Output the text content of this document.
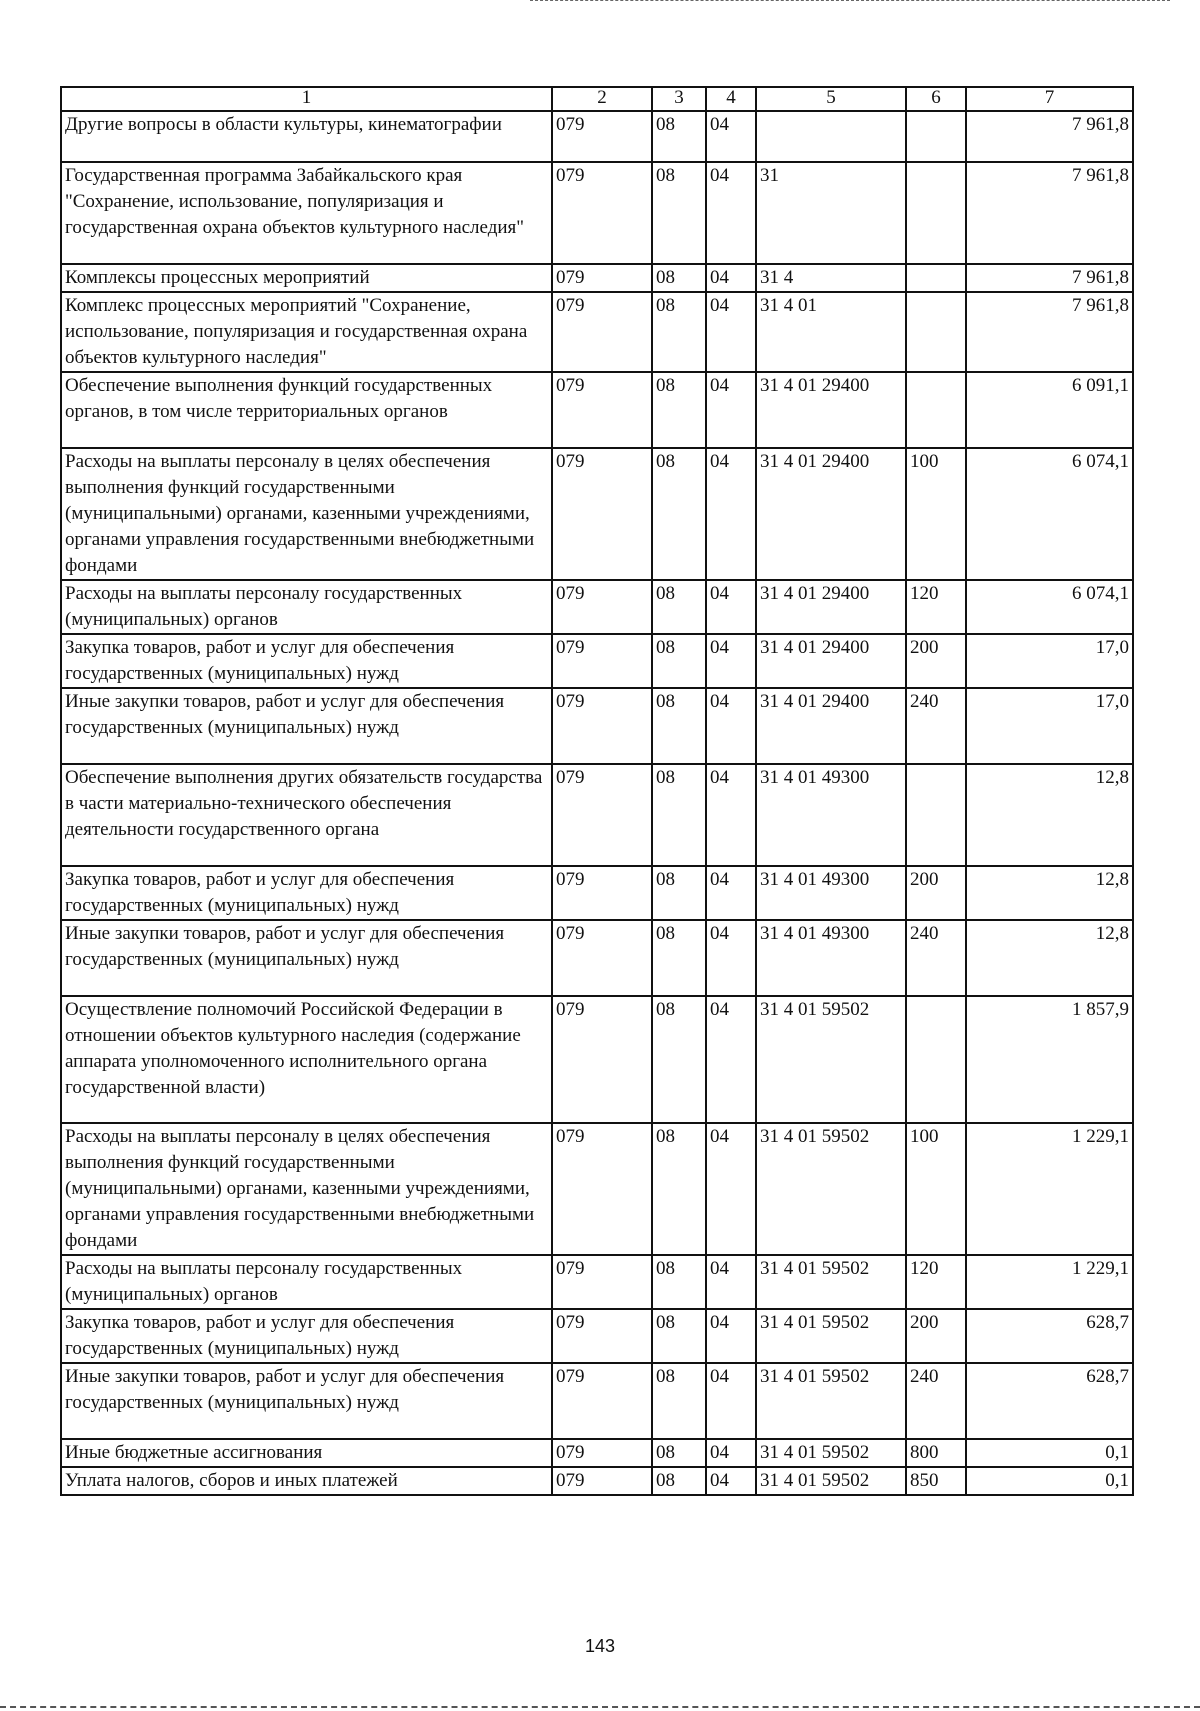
1	2	3	4	5	6	7
Другие вопросы в области культуры, кинематографии	079	08	04			7 961,8
Государственная программа Забайкальского края "Сохранение, использование, популяризация и государственная охрана объектов культурного наследия"	079	08	04	31		7 961,8
Комплексы процессных мероприятий	079	08	04	31 4		7 961,8
Комплекс процессных мероприятий "Сохранение, использование, популяризация и государственная охрана объектов культурного наследия"	079	08	04	31 4 01		7 961,8
Обеспечение выполнения функций государственных органов, в том числе территориальных органов	079	08	04	31 4 01 29400		6 091,1
Расходы на выплаты персоналу в целях обеспечения выполнения функций государственными (муниципальными) органами, казенными учреждениями, органами управления государственными внебюджетными фондами	079	08	04	31 4 01 29400	100	6 074,1
Расходы на выплаты персоналу государственных (муниципальных) органов	079	08	04	31 4 01 29400	120	6 074,1
Закупка товаров, работ и услуг для обеспечения государственных (муниципальных) нужд	079	08	04	31 4 01 29400	200	17,0
Иные закупки товаров, работ и услуг для обеспечения государственных (муниципальных) нужд	079	08	04	31 4 01 29400	240	17,0
Обеспечение выполнения других обязательств государства в части материально-технического обеспечения деятельности государственного органа	079	08	04	31 4 01 49300		12,8
Закупка товаров, работ и услуг для обеспечения государственных (муниципальных) нужд	079	08	04	31 4 01 49300	200	12,8
Иные закупки товаров, работ и услуг для обеспечения государственных (муниципальных) нужд	079	08	04	31 4 01 49300	240	12,8
Осуществление полномочий Российской Федерации в отношении объектов культурного наследия (содержание аппарата уполномоченного исполнительного органа государственной власти)	079	08	04	31 4 01 59502		1 857,9
Расходы на выплаты персоналу в целях обеспечения выполнения функций государственными (муниципальными) органами, казенными учреждениями, органами управления государственными внебюджетными фондами	079	08	04	31 4 01 59502	100	1 229,1
Расходы на выплаты персоналу государственных (муниципальных) органов	079	08	04	31 4 01 59502	120	1 229,1
Закупка товаров, работ и услуг для обеспечения государственных (муниципальных) нужд	079	08	04	31 4 01 59502	200	628,7
Иные закупки товаров, работ и услуг для обеспечения государственных (муниципальных) нужд	079	08	04	31 4 01 59502	240	628,7
Иные бюджетные ассигнования	079	08	04	31 4 01 59502	800	0,1
Уплата налогов, сборов и иных платежей	079	08	04	31 4 01 59502	850	0,1
143
